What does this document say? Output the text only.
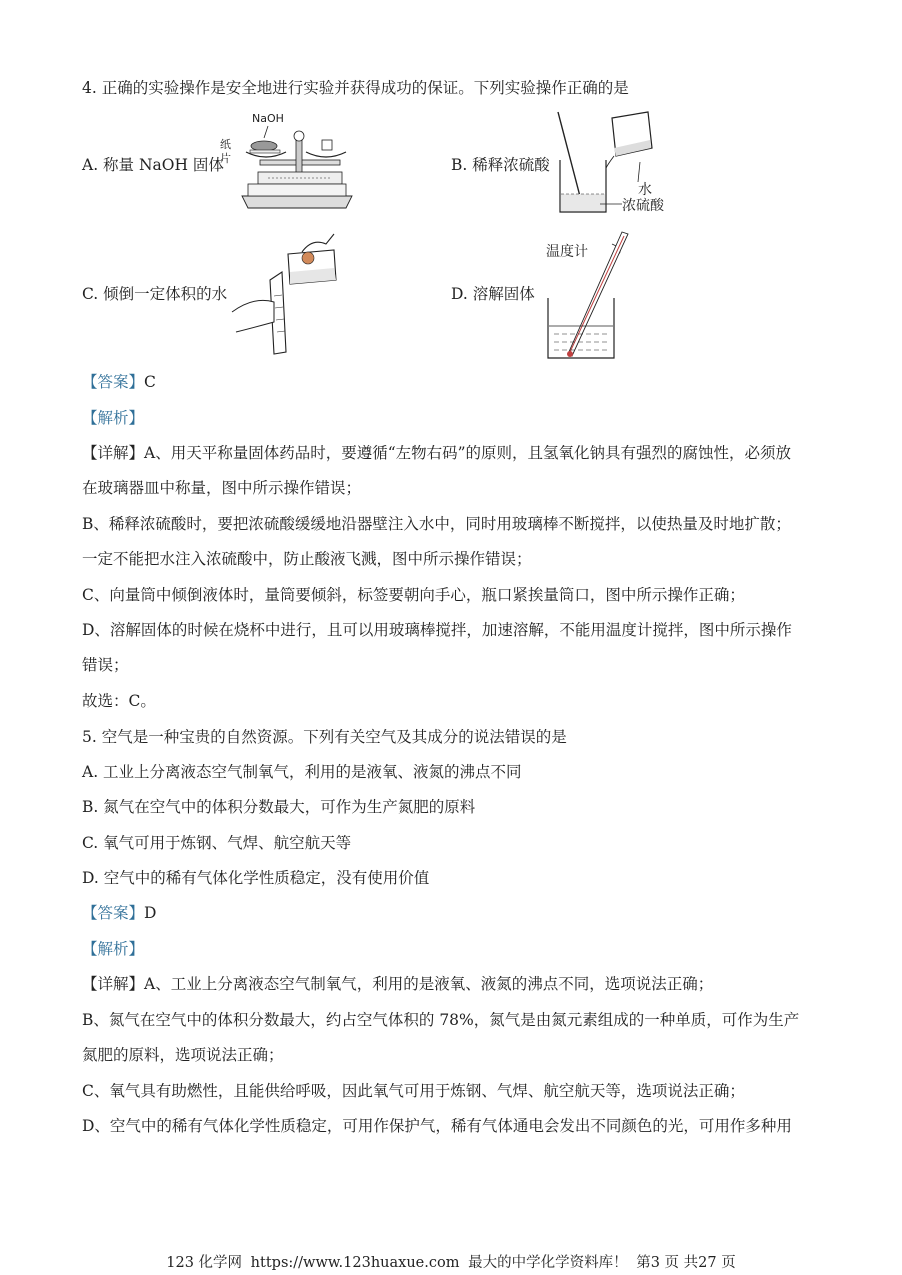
4. 正确的实验操作是安全地进行实验并获得成功的保证。下列实验操作正确的是
A. 称量 NaOH 固体	B. 稀释浓硫酸
C. 倾倒一定体积的水	D. 溶解固体
NaOH
纸
片
水
浓硫酸
温度计
【答案】C
【解析】
【详解】A、用天平称量固体药品时，要遵循“左物右码”的原则，且氢氧化钠具有强烈的腐蚀性，必须放
在玻璃器皿中称量，图中所示操作错误；
B、稀释浓硫酸时，要把浓硫酸缓缓地沿器壁注入水中，同时用玻璃棒不断搅拌，以使热量及时地扩散；
一定不能把水注入浓硫酸中，防止酸液飞溅，图中所示操作错误；
C、向量筒中倾倒液体时，量筒要倾斜，标签要朝向手心，瓶口紧挨量筒口，图中所示操作正确；
D、溶解固体的时候在烧杯中进行，且可以用玻璃棒搅拌，加速溶解，不能用温度计搅拌，图中所示操作
错误；
故选：C。
5. 空气是一种宝贵的自然资源。下列有关空气及其成分的说法错误的是
A. 工业上分离液态空气制氧气，利用的是液氧、液氮的沸点不同
B. 氮气在空气中的体积分数最大，可作为生产氮肥的原料
C. 氧气可用于炼钢、气焊、航空航天等
D. 空气中的稀有气体化学性质稳定，没有使用价值
【答案】D
【解析】
【详解】A、工业上分离液态空气制氧气，利用的是液氧、液氮的沸点不同，选项说法正确；
B、氮气在空气中的体积分数最大，约占空气体积的 78%，氮气是由氮元素组成的一种单质，可作为生产
氮肥的原料，选项说法正确；
C、氧气具有助燃性，且能供给呼吸，因此氧气可用于炼钢、气焊、航空航天等，选项说法正确；
D、空气中的稀有气体化学性质稳定，可用作保护气，稀有气体通电会发出不同颜色的光，可用作多种用
123 化学网 https://www.123huaxue.com 最大的中学化学资料库！ 第3 页 共27 页
